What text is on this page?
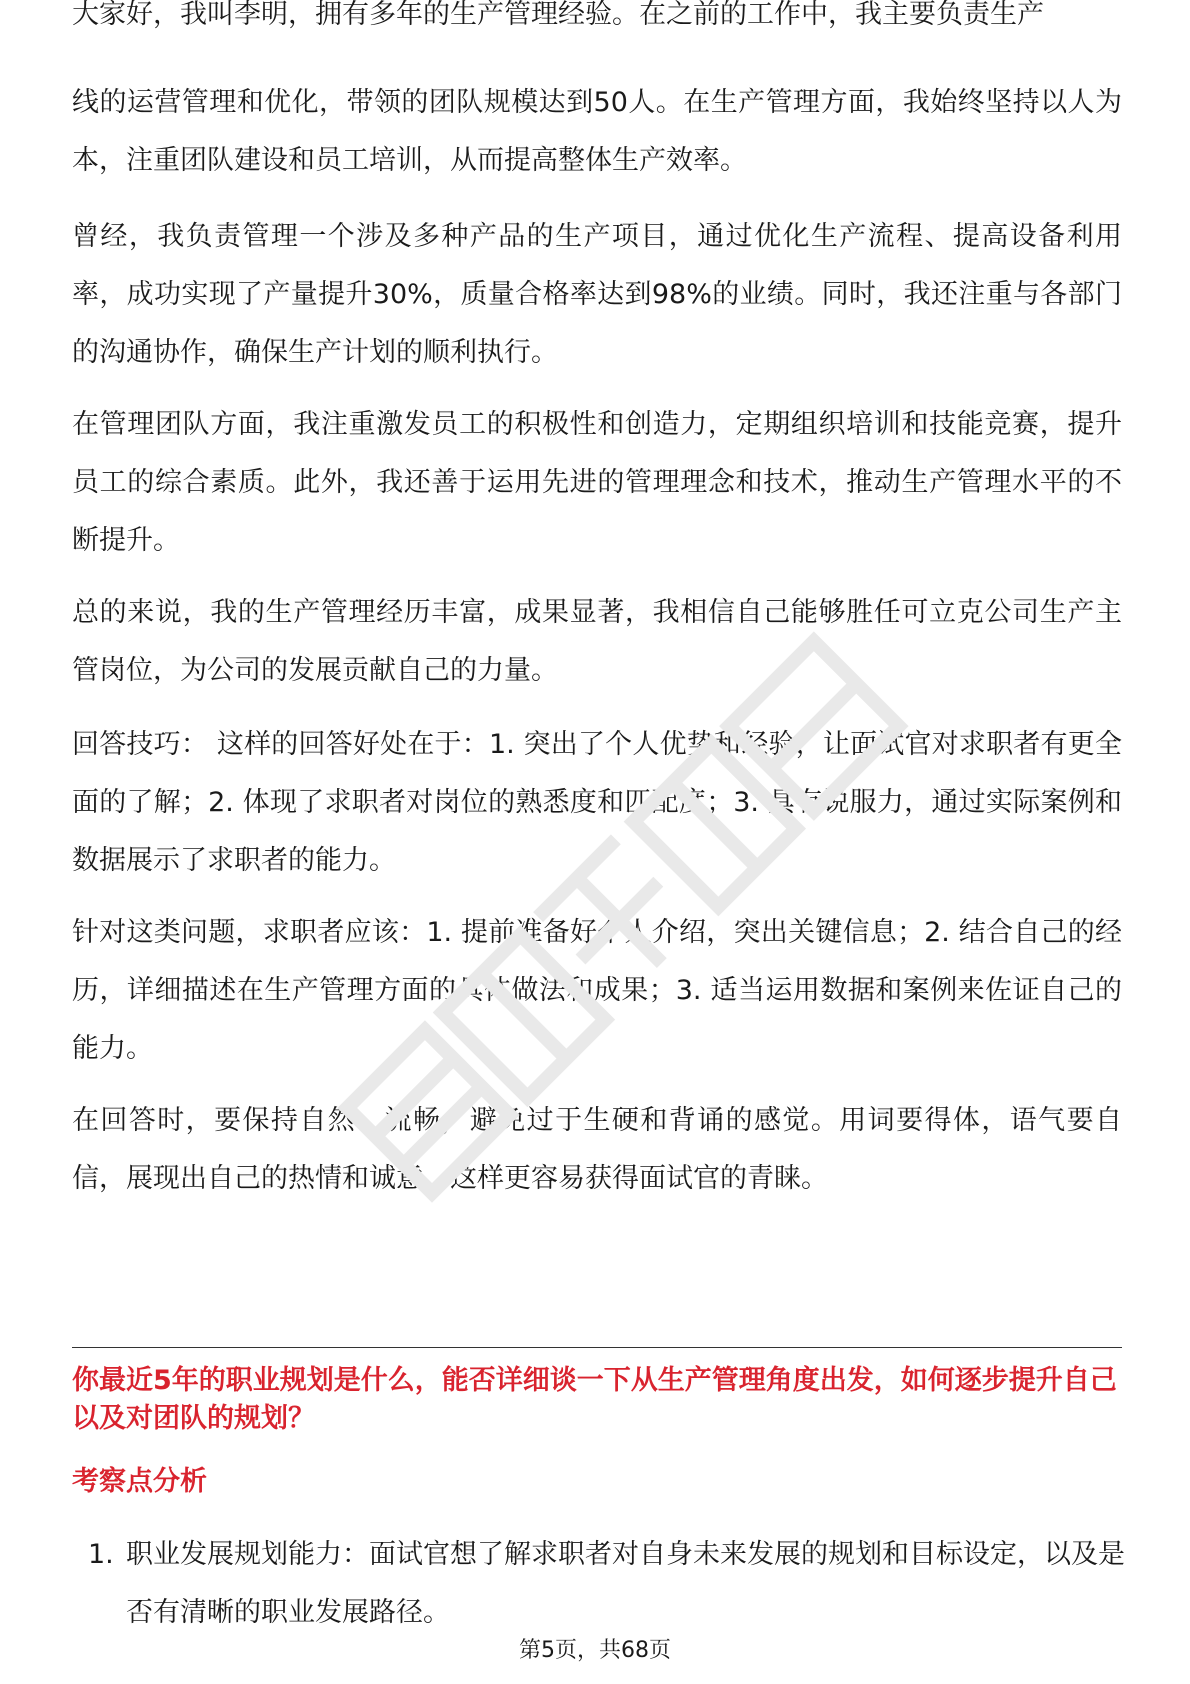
大家好，我叫李明，拥有多年的生产管理经验。在之前的工作中，我主要负责生产

线的运营管理和优化，带领的团队规模达到50人。在生产管理方面，我始终坚持以人为本，注重团队建设和员工培训，从而提高整体生产效率。

曾经，我负责管理一个涉及多种产品的生产项目，通过优化生产流程、提高设备利用率，成功实现了产量提升30%，质量合格率达到98%的业绩。同时，我还注重与各部门的沟通协作，确保生产计划的顺利执行。

在管理团队方面，我注重激发员工的积极性和创造力，定期组织培训和技能竞赛，提升员工的综合素质。此外，我还善于运用先进的管理理念和技术，推动生产管理水平的不断提升。

总的来说，我的生产管理经历丰富，成果显著，我相信自己能够胜任可立克公司生产主管岗位，为公司的发展贡献自己的力量。

回答技巧： 这样的回答好处在于：1. 突出了个人优势和经验，让面试官对求职者有更全面的了解；2. 体现了求职者对岗位的熟悉度和匹配度；3. 具有说服力，通过实际案例和数据展示了求职者的能力。

针对这类问题，求职者应该：1. 提前准备好个人介绍，突出关键信息；2. 结合自己的经历，详细描述在生产管理方面的具体做法和成果；3. 适当运用数据和案例来佐证自己的能力。

在回答时，要保持自然、流畅，避免过于生硬和背诵的感觉。用词要得体，语气要自信，展现出自己的热情和诚意，这样更容易获得面试官的青睐。

你最近5年的职业规划是什么，能否详细谈一下从生产管理角度出发，如何逐步提升自己以及对团队的规划？

考察点分析

1. 职业发展规划能力：面试官想了解求职者对自身未来发展的规划和目标设定，以及是否有清晰的职业发展路径。
第5页，共68页
